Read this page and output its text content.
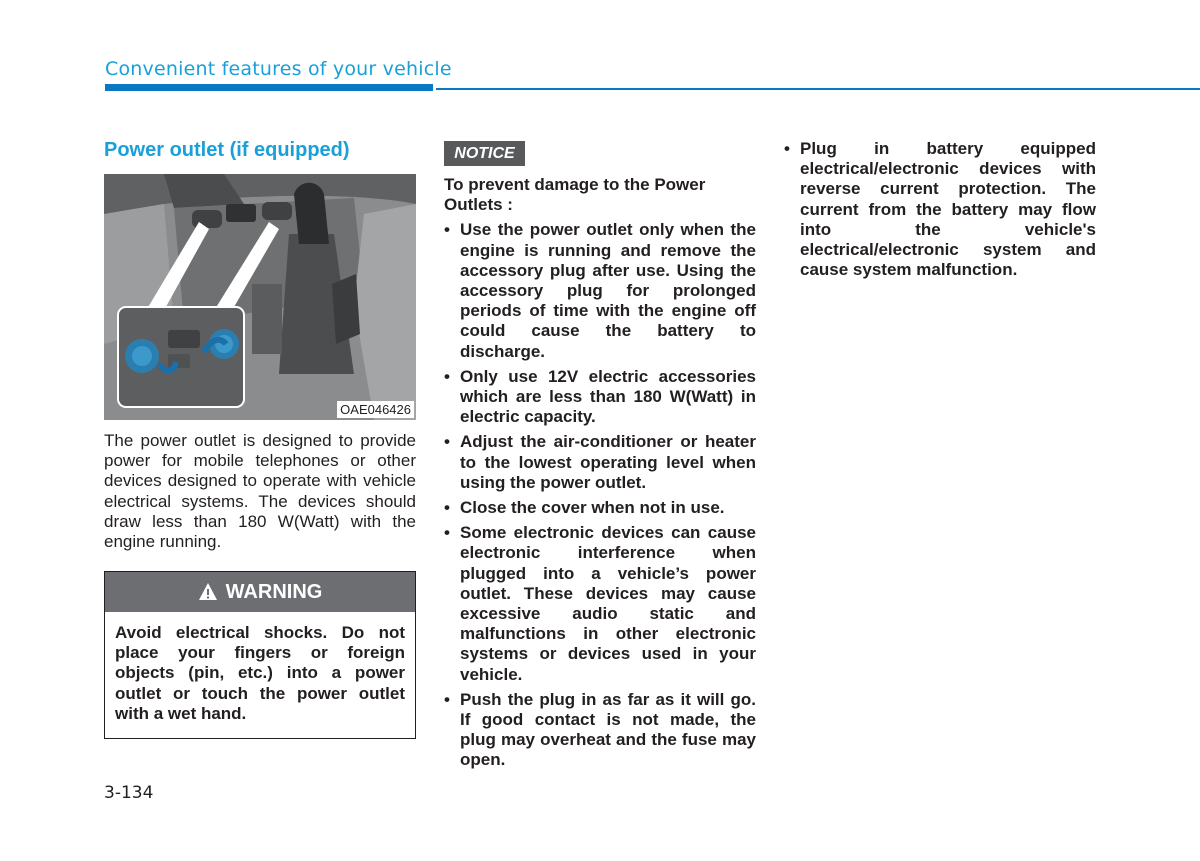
Convenient features of your vehicle
Power outlet (if equipped)
OAE046426
The power outlet is designed to provide power for mobile telephones or other devices designed to operate with vehicle electrical systems. The devices should draw less than 180 W(Watt) with the engine running.
WARNING
Avoid electrical shocks. Do not place your fingers or foreign objects (pin, etc.) into a power outlet or touch the power outlet with a wet hand.
NOTICE
To prevent damage to the Power Outlets :
• Use the power outlet only when the engine is running and remove the accessory plug after use. Using the accessory plug for prolonged periods of time with the engine off could cause the battery to discharge.
• Only use 12V electric accessories which are less than 180 W(Watt) in electric capacity.
• Adjust the air-conditioner or heater to the lowest operating level when using the power outlet.
• Close the cover when not in use.
• Some electronic devices can cause electronic interference when plugged into a vehicle’s power outlet. These devices may cause excessive audio static and malfunctions in other electronic systems or devices used in your vehicle.
• Push the plug in as far as it will go. If good contact is not made, the plug may overheat and the fuse may open.
• Plug in battery equipped electrical/electronic devices with reverse current protection. The current from the battery may flow into the vehicle's electrical/electronic system and cause system malfunction.
3-134
